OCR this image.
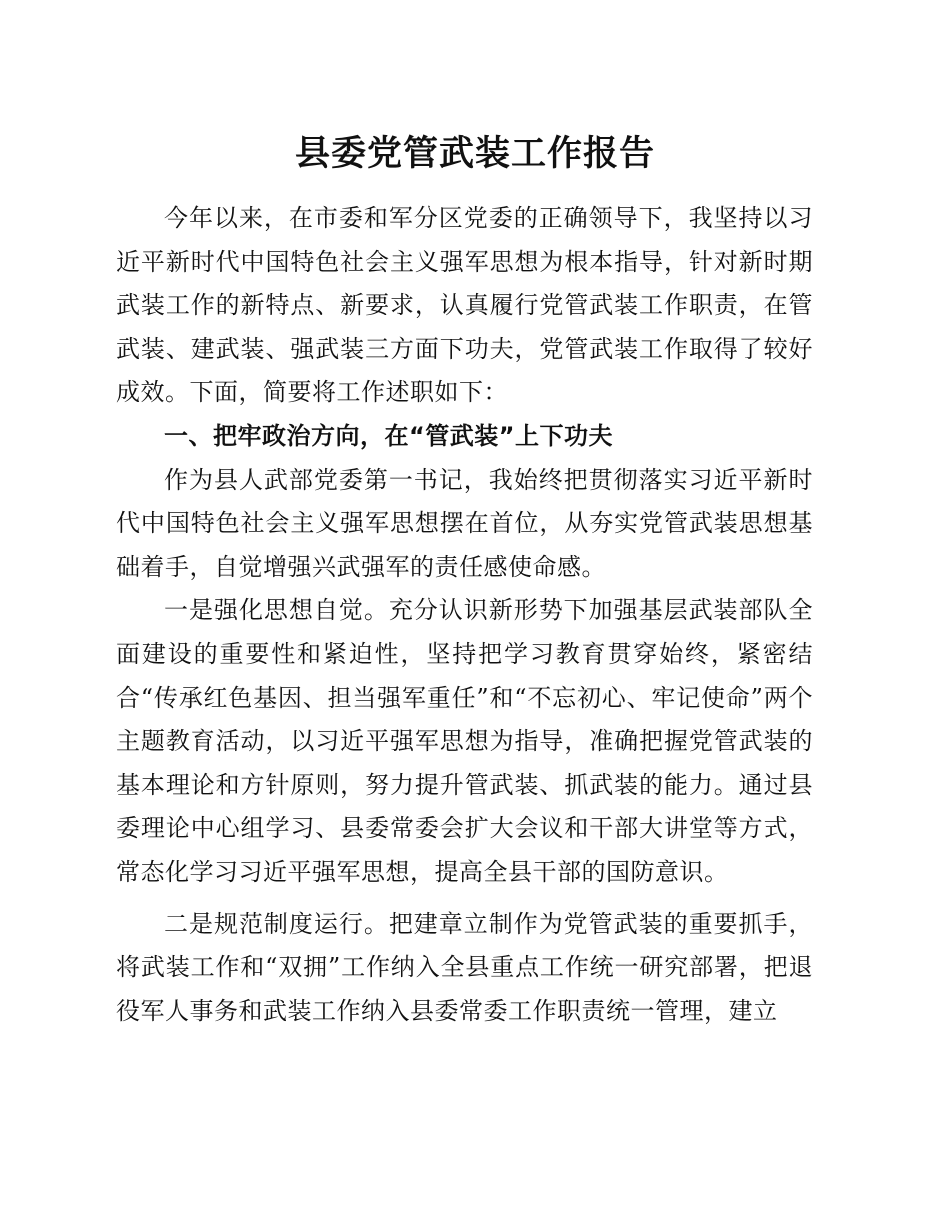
县委党管武装工作报告

今年以来，在市委和军分区党委的正确领导下，我坚持以习近平新时代中国特色社会主义强军思想为根本指导，针对新时期武装工作的新特点、新要求，认真履行党管武装工作职责，在管武装、建武装、强武装三方面下功夫，党管武装工作取得了较好成效。下面，简要将工作述职如下：

一、把牢政治方向，在“管武装”上下功夫

作为县人武部党委第一书记，我始终把贯彻落实习近平新时代中国特色社会主义强军思想摆在首位，从夯实党管武装思想基础着手，自觉增强兴武强军的责任感使命感。

一是强化思想自觉。充分认识新形势下加强基层武装部队全面建设的重要性和紧迫性，坚持把学习教育贯穿始终，紧密结合“传承红色基因、担当强军重任”和“不忘初心、牢记使命”两个主题教育活动，以习近平强军思想为指导，准确把握党管武装的基本理论和方针原则，努力提升管武装、抓武装的能力。通过县委理论中心组学习、县委常委会扩大会议和干部大讲堂等方式，常态化学习习近平强军思想，提高全县干部的国防意识。

二是规范制度运行。把建章立制作为党管武装的重要抓手，将武装工作和“双拥”工作纳入全县重点工作统一研究部署，把退役军人事务和武装工作纳入县委常委工作职责统一管理，建立
